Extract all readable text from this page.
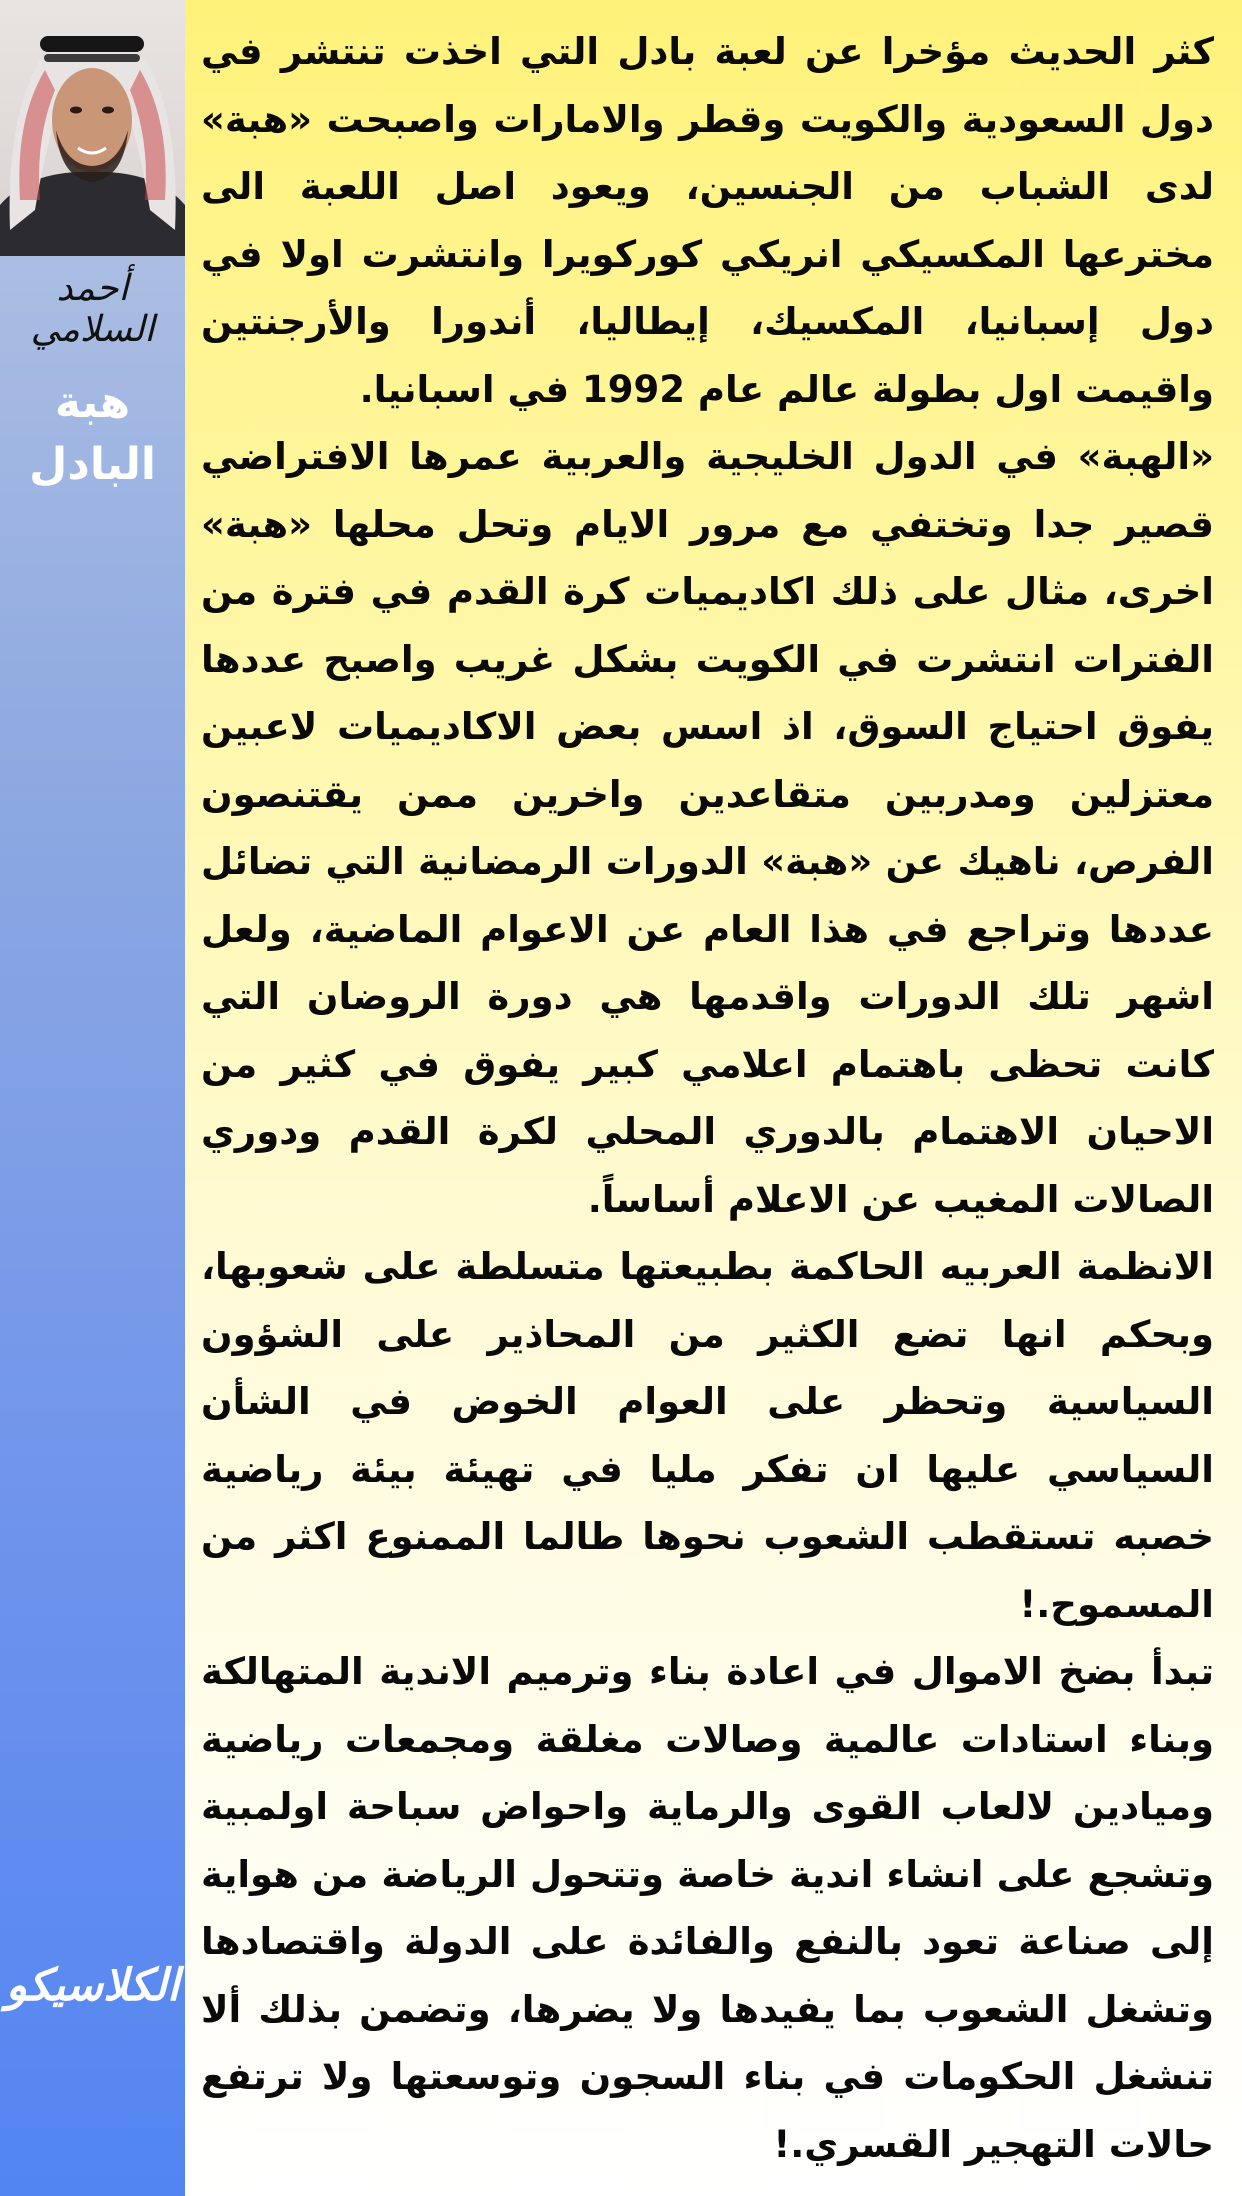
أحمد السلامي
هبة
البادل
الكلاسيكو

كثر الحديث مؤخرا عن لعبة بادل التي اخذت تنتشر في دول السعودية والكويت وقطر والامارات واصبحت «هبة» لدى الشباب من الجنسين، ويعود اصل اللعبة الى مخترعها المكسيكي انريكي كوركويرا وانتشرت اولا في دول إسبانيا، المكسيك، إيطاليا، أندورا والأرجنتين واقيمت اول بطولة عالم عام 1992 في اسبانيا.

«الهبة» في الدول الخليجية والعربية عمرها الافتراضي قصير جدا وتختفي مع مرور الايام وتحل محلها «هبة» اخرى، مثال على ذلك اكاديميات كرة القدم في فترة من الفترات انتشرت في الكويت بشكل غريب واصبح عددها يفوق احتياج السوق، اذ اسس بعض الاكاديميات لاعبين معتزلين ومدربين متقاعدين واخرين ممن يقتنصون الفرص، ناهيك عن «هبة» الدورات الرمضانية التي تضائل عددها وتراجع في هذا العام عن الاعوام الماضية، ولعل اشهر تلك الدورات واقدمها هي دورة الروضان التي كانت تحظى باهتمام اعلامي كبير يفوق في كثير من الاحيان الاهتمام بالدوري المحلي لكرة القدم ودوري الصالات المغيب عن الاعلام أساساً.

الانظمة العربيه الحاكمة بطبيعتها متسلطة على شعوبها، وبحكم انها تضع الكثير من المحاذير على الشؤون السياسية وتحظر على العوام الخوض في الشأن السياسي عليها ان تفكر مليا في تهيئة بيئة رياضية خصبه تستقطب الشعوب نحوها طالما الممنوع اكثر من المسموح.!

تبدأ بضخ الاموال في اعادة بناء وترميم الاندية المتهالكة وبناء استادات عالمية وصالات مغلقة ومجمعات رياضية وميادين لالعاب القوى والرماية واحواض سباحة اولمبية وتشجع على انشاء اندية خاصة وتتحول الرياضة من هواية إلى صناعة تعود بالنفع والفائدة على الدولة واقتصادها وتشغل الشعوب بما يفيدها ولا يضرها، وتضمن بذلك ألا تنشغل الحكومات في بناء السجون وتوسعتها ولا ترتفع حالات التهجير القسري.!
